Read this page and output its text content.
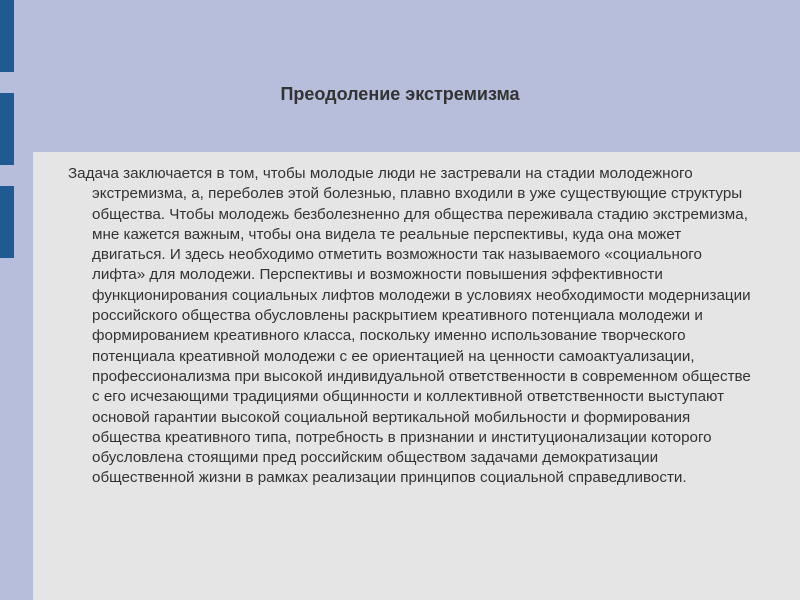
Преодоление экстремизма

Задача заключается в том, чтобы молодые люди не застревали на стадии молодежного экстремизма, а, переболев этой болезнью, плавно входили в уже существующие структуры общества. Чтобы молодежь безболезненно для общества переживала стадию экстремизма, мне кажется важным, чтобы она видела те реальные перспективы, куда она может двигаться. И здесь необходимо отметить возможности так называемого «социального лифта» для молодежи. Перспективы и возможности повышения эффективности функционирования социальных лифтов молодежи в условиях необходимости модернизации российского общества обусловлены раскрытием креативного потенциала молодежи и формированием креативного класса, поскольку именно использование творческого потенциала креативной молодежи с ее ориентацией на ценности самоактуализации, профессионализма при высокой индивидуальной ответственности в современном обществе с его исчезающими традициями общинности и коллективной ответственности выступают основой гарантии высокой социальной вертикальной мобильности и формирования общества креативного типа, потребность в признании и институционализации которого обусловлена стоящими пред российским обществом задачами демократизации общественной жизни в рамках реализации принципов социальной справедливости.
